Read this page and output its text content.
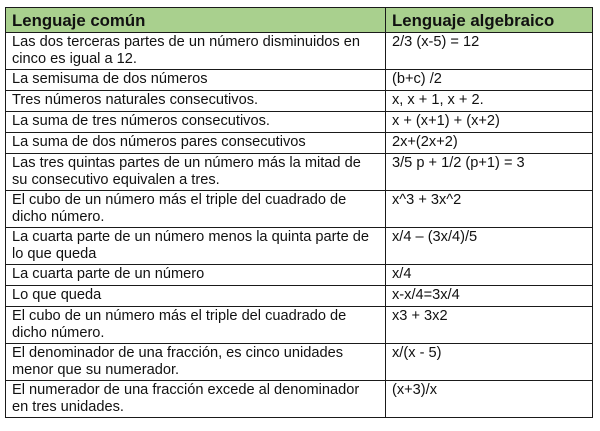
Lenguaje común	Lenguaje algebraico
Las dos terceras partes de un número disminuidos en cinco es igual a 12.	2/3 (x-5) = 12
La semisuma de dos números	(b+c) /2
Tres números naturales consecutivos.	x, x + 1, x + 2.
La suma de tres números consecutivos.	x + (x+1) + (x+2)
La suma de dos números pares consecutivos	2x+(2x+2)
Las tres quintas partes de un número más la mitad de su consecutivo equivalen a tres.	3/5 p + 1/2 (p+1) = 3
El cubo de un número más el triple del cuadrado de dicho número.	x^3 + 3x^2
La cuarta parte de un número menos la quinta parte de lo que queda	x/4 – (3x/4)/5
La cuarta parte de un número	x/4
Lo que queda	x-x/4=3x/4
El cubo de un número más el triple del cuadrado de dicho número.	x3 + 3x2
El denominador de una fracción, es cinco unidades menor que su numerador.	x/(x - 5)
El numerador de una fracción excede al denominador en tres unidades.	(x+3)/x
